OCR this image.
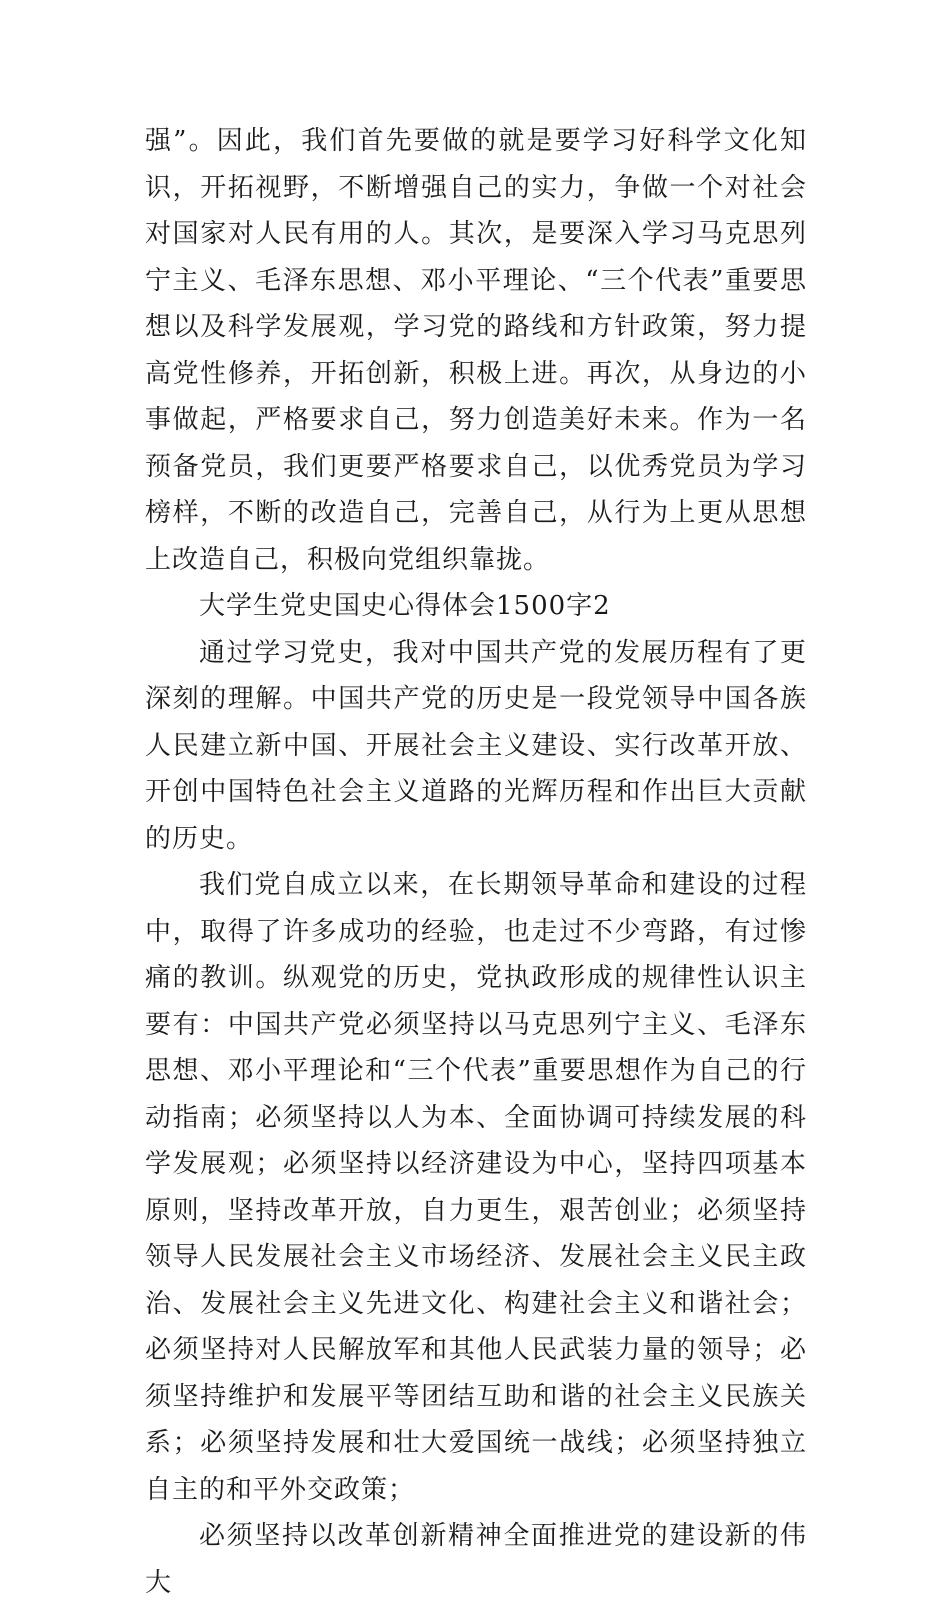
强”。因此，我们首先要做的就是要学习好科学文化知识，开拓视野，不断增强自己的实力，争做一个对社会对国家对人民有用的人。其次，是要深入学习马克思列宁主义、毛泽东思想、邓小平理论、“三个代表”重要思想以及科学发展观，学习党的路线和方针政策，努力提高党性修养，开拓创新，积极上进。再次，从身边的小事做起，严格要求自己，努力创造美好未来。作为一名预备党员，我们更要严格要求自己，以优秀党员为学习榜样，不断的改造自己，完善自己，从行为上更从思想上改造自己，积极向党组织靠拢。

大学生党史国史心得体会1500字2

通过学习党史，我对中国共产党的发展历程有了更深刻的理解。中国共产党的历史是一段党领导中国各族人民建立新中国、开展社会主义建设、实行改革开放、开创中国特色社会主义道路的光辉历程和作出巨大贡献的历史。

我们党自成立以来，在长期领导革命和建设的过程中，取得了许多成功的经验，也走过不少弯路，有过惨痛的教训。纵观党的历史，党执政形成的规律性认识主要有：中国共产党必须坚持以马克思列宁主义、毛泽东思想、邓小平理论和“三个代表”重要思想作为自己的行动指南；必须坚持以人为本、全面协调可持续发展的科学发展观；必须坚持以经济建设为中心，坚持四项基本原则，坚持改革开放，自力更生，艰苦创业；必须坚持领导人民发展社会主义市场经济、发展社会主义民主政治、发展社会主义先进文化、构建社会主义和谐社会；必须坚持对人民解放军和其他人民武装力量的领导；必须坚持维护和发展平等团结互助和谐的社会主义民族关系；必须坚持发展和壮大爱国统一战线；必须坚持独立自主的和平外交政策；

必须坚持以改革创新精神全面推进党的建设新的伟大
